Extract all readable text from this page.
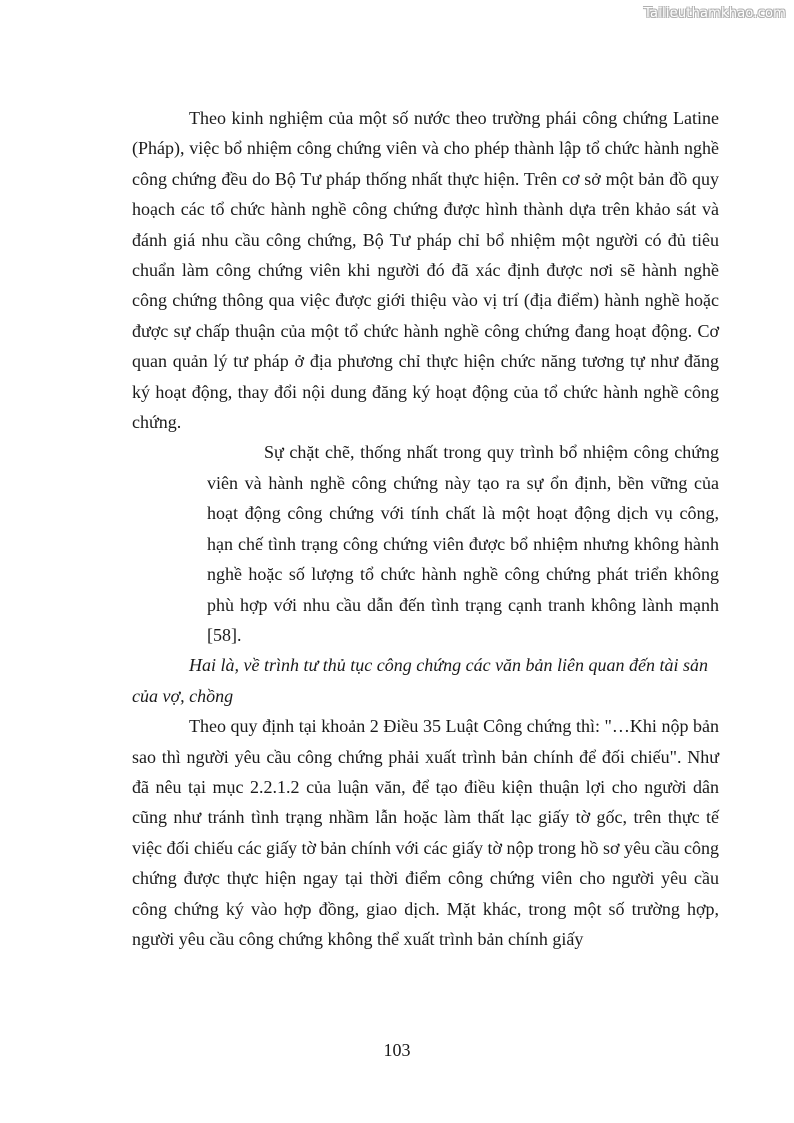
Tailieuthamkhao.com

Theo kinh nghiệm của một số nước theo trường phái công chứng Latine (Pháp), việc bổ nhiệm công chứng viên và cho phép thành lập tổ chức hành nghề công chứng đều do Bộ Tư pháp thống nhất thực hiện. Trên cơ sở một bản đồ quy hoạch các tổ chức hành nghề công chứng được hình thành dựa trên khảo sát và đánh giá nhu cầu công chứng, Bộ Tư pháp chỉ bổ nhiệm một người có đủ tiêu chuẩn làm công chứng viên khi người đó đã xác định được nơi sẽ hành nghề công chứng thông qua việc được giới thiệu vào vị trí (địa điểm) hành nghề hoặc được sự chấp thuận của một tổ chức hành nghề công chứng đang hoạt động. Cơ quan quản lý tư pháp ở địa phương chỉ thực hiện chức năng tương tự như đăng ký hoạt động, thay đổi nội dung đăng ký hoạt động của tổ chức hành nghề công chứng.

Sự chặt chẽ, thống nhất trong quy trình bổ nhiệm công chứng viên và hành nghề công chứng này tạo ra sự ổn định, bền vững của hoạt động công chứng với tính chất là một hoạt động dịch vụ công, hạn chế tình trạng công chứng viên được bổ nhiệm nhưng không hành nghề hoặc số lượng tổ chức hành nghề công chứng phát triển không phù hợp với nhu cầu dẫn đến tình trạng cạnh tranh không lành mạnh [58].

Hai là, về trình tư thủ tục công chứng các văn bản liên quan đến tài sản của vợ, chồng

Theo quy định tại khoản 2 Điều 35 Luật Công chứng thì: "…Khi nộp bản sao thì người yêu cầu công chứng phải xuất trình bản chính để đối chiếu". Như đã nêu tại mục 2.2.1.2 của luận văn, để tạo điều kiện thuận lợi cho người dân cũng như tránh tình trạng nhầm lẫn hoặc làm thất lạc giấy tờ gốc, trên thực tế việc đối chiếu các giấy tờ bản chính với các giấy tờ nộp trong hồ sơ yêu cầu công chứng được thực hiện ngay tại thời điểm công chứng viên cho người yêu cầu công chứng ký vào hợp đồng, giao dịch. Mặt khác, trong một số trường hợp, người yêu cầu công chứng không thể xuất trình bản chính giấy

103
